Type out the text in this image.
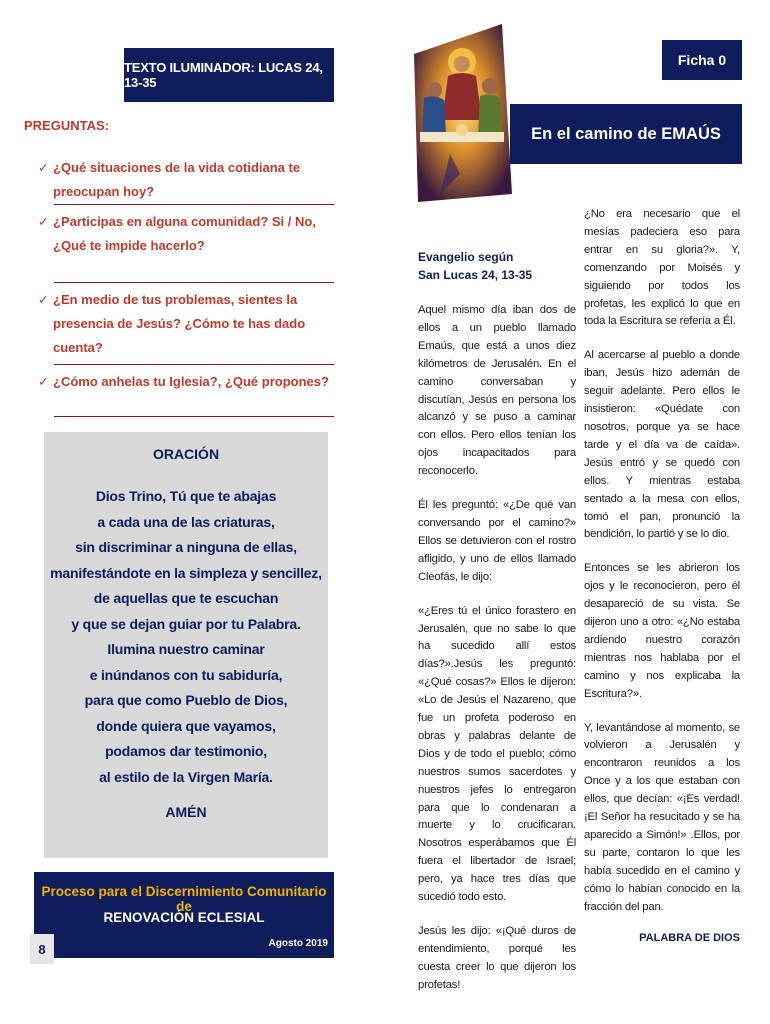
TEXTO ILUMINADOR: LUCAS 24, 13-35
PREGUNTAS:
✓ ¿Qué situaciones de la vida cotidiana te preocupan hoy?
✓ ¿Participas en alguna comunidad? Si / No, ¿Qué te impide hacerlo?
✓ ¿En medio de tus problemas, sientes la presencia de Jesús? ¿Cómo te has dado cuenta?
✓ ¿Cómo anhelas tu Iglesia?, ¿Qué propones?
ORACIÓN
Dios Trino, Tú que te abajas
a cada una de las criaturas,
sin discriminar a ninguna de ellas,
manifestándote en la simpleza y sencillez,
de aquellas que te escuchan
y que se dejan guiar por tu Palabra.
Ilumina nuestro caminar
e inúndanos con tu sabiduría,
para que como Pueblo de Dios,
donde quiera que vayamos,
podamos dar testimonio,
al estilo de la Virgen María.
AMÉN
Proceso para el Discernimiento Comunitario de
RENOVACIÓN ECLESIAL
Agosto 2019
8
Ficha 0
En el camino de EMAÚS
Evangelio según
San Lucas 24, 13-35

Aquel mismo día iban dos de ellos a un pueblo llamado Emaús, que está a unos diez kilómetros de Jerusalén. En el camino conversaban y discutían, Jesús en persona los alcanzó y se puso a caminar con ellos. Pero ellos tenían los ojos incapacitados para reconocerlo.

Él les preguntó: «¿De qué van conversando por el camino?» Ellos se detuvieron con el rostro afligido, y uno de ellos llamado Cleofás, le dijo:

«¿Eres tú el único forastero en Jerusalén, que no sabe lo que ha sucedido allí estos días?».Jesús les preguntó: «¿Qué cosas?» Ellos le dijeron: «Lo de Jesús el Nazareno, que fue un profeta poderoso en obras y palabras delante de Dios y de todo el pueblo; cómo nuestros sumos sacerdotes y nuestros jefes lo entregaron para que lo condenaran a muerte y lo crucificaran. Nosotros esperábamos que Él fuera el libertador de Israel; pero, ya hace tres días que sucedió todo esto.

Jesús les dijo: «¡Qué duros de entendimiento, porqué les cuesta creer lo que dijeron los profetas!

¿No era necesario que el mesías padeciera eso para entrar en su gloria?». Y, comenzando por Moisés y siguiendo por todos los profetas, les explicó lo que en toda la Escritura se refería a Él.

Al acercarse al pueblo a donde iban, Jesús hizo ademán de seguir adelante. Pero ellos le insistieron: «Quédate con nosotros, porque ya se hace tarde y el día va de caída». Jesús entró y se quedó con ellos. Y mientras estaba sentado a la mesa con ellos, tomó el pan, pronunció la bendición, lo partió y se lo dio.

Entonces se les abrieron los ojos y le reconocieron, pero él desapareció de su vista. Se dijeron uno a otro: «¿No estaba ardiendo nuestro corazón mientras nos hablaba por el camino y nos explicaba la Escritura?».

Y, levantándose al momento, se volvieron a Jerusalén y encontraron reunidos a los Once y a los que estaban con ellos, que decían: «¡Es verdad! ¡El Señor ha resucitado y se ha aparecido a Simón!» .Ellos, por su parte, contaron lo que les había sucedido en el camino y cómo lo habían conocido en la fracción del pan.

PALABRA DE DIOS
